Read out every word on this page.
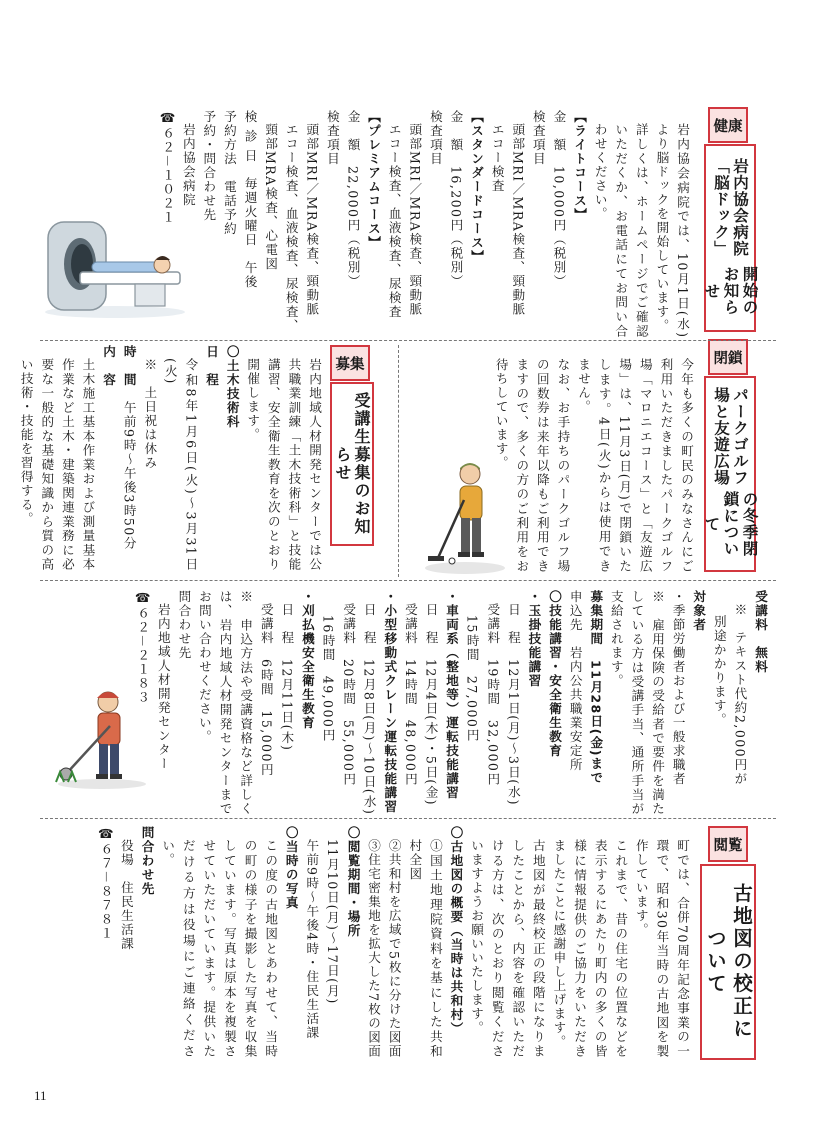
健康
岩内協会病院「脳ドック」
開始のお知らせ

岩内協会病院では、10月1日(水)より脳ドックを開始しています。

詳しくは、ホームページでご確認いただくか、お電話にてお問い合わせください。

【ライトコース】

金　額　10,000円（税別）

検査項目

頭部MRI／MRA検査、頸動脈

エコー検査

【スタンダードコース】

金　額　16,200円（税別）

検査項目

頭部MRI／MRA検査、頸動脈

エコー検査、血液検査、尿検査

【プレミアムコース】

金　額　22,000円（税別）

検査項目

頭部MRI／MRA検査、頸動脈

エコー検査、血液検査、尿検査、

頸部MRA検査、心電図

検 診 日　毎週火曜日　午後

予約方法　電話予約

予約・問合わせ先

岩内協会病院

☎６２－１０２１

閉鎖
パークゴルフ場と友遊広場
の冬季閉鎖について

今年も多くの町民のみなさんにご利用いただきましたパークゴルフ場「マロニエコース」と「友遊広場」は、11月3日(月)で閉鎖いたします。4日(火)からは使用できません。

なお、お手持ちのパークゴルフ場の回数券は来年以降もご利用できますので、多くの方のご利用をお待ちしています。

募集
受講生募集のお知らせ

岩内地域人材開発センターでは公共職業訓練「土木技術科」と技能講習、安全衛生教育を次のとおり開催します。

〇土木技術科

日　程

令和8年1月6日(火)～3月31日(火)

※　土日祝は休み

時　間　午前9時～午後3時50分

内　容

土木施工基本作業および測量基本作業など土木・建築関連業務に必要な一般的な基礎知識から質の高い技術・技能を習得する。

受講料　無料

※　テキスト代約2,000円が

別途かかります。

対象者

・季節労働者および一般求職者

※　雇用保険の受給者で要件を満たしている方は受講手当、通所手当が支給されます。

募集期間　11月28日(金)まで

申込先　岩内公共職業安定所

〇技能講習・安全衛生教育

・玉掛技能講習

日　程　12月1日(月)～3日(水)

受講料　19時間　32,000円

15時間　27,000円

・車両系（整地等）運転技能講習

日　程　12月4日(木)・5日(金)

受講料　14時間　48,000円

・小型移動式クレーン運転技能講習

日　程　12月8日(月)～10日(水)

受講料　20時間　55,000円

16時間　49,000円

・刈払機安全衛生教育

日　程　12月11日(木)

受講料　6時間　15,000円

※　申込方法や受講資格など詳しくは、岩内地域人材開発センターまでお問い合わせください。

問合わせ先

岩内地域人材開発センター

☎６２－２１８３

閲覧
古地図の校正について

町では、合併70周年記念事業の一環で、昭和30年当時の古地図を製作しています。

これまで、昔の住宅の位置などを表示するにあたり町内の多くの皆様に情報提供のご協力をいただきましたことに感謝申し上げます。

古地図が最終校正の段階になりましたことから、内容を確認いただける方は、次のとおり閲覧くださいますようお願いいたします。

〇古地図の概要（当時は共和村）

①国土地理院資料を基にした共和村全図

②共和村を広域で5枚に分けた図面

③住宅密集地を拡大した7枚の図面

〇閲覧期間・場所

11月10日(月)～17日(月)

午前9時～午後4時・住民生活課

〇当時の写真

この度の古地図とあわせて、当時の町の様子を撮影した写真を収集しています。写真は原本を複製させていただいています。提供いただける方は役場にご連絡ください。

問合わせ先

役場　住民生活課

☎６７－８７８１

11
